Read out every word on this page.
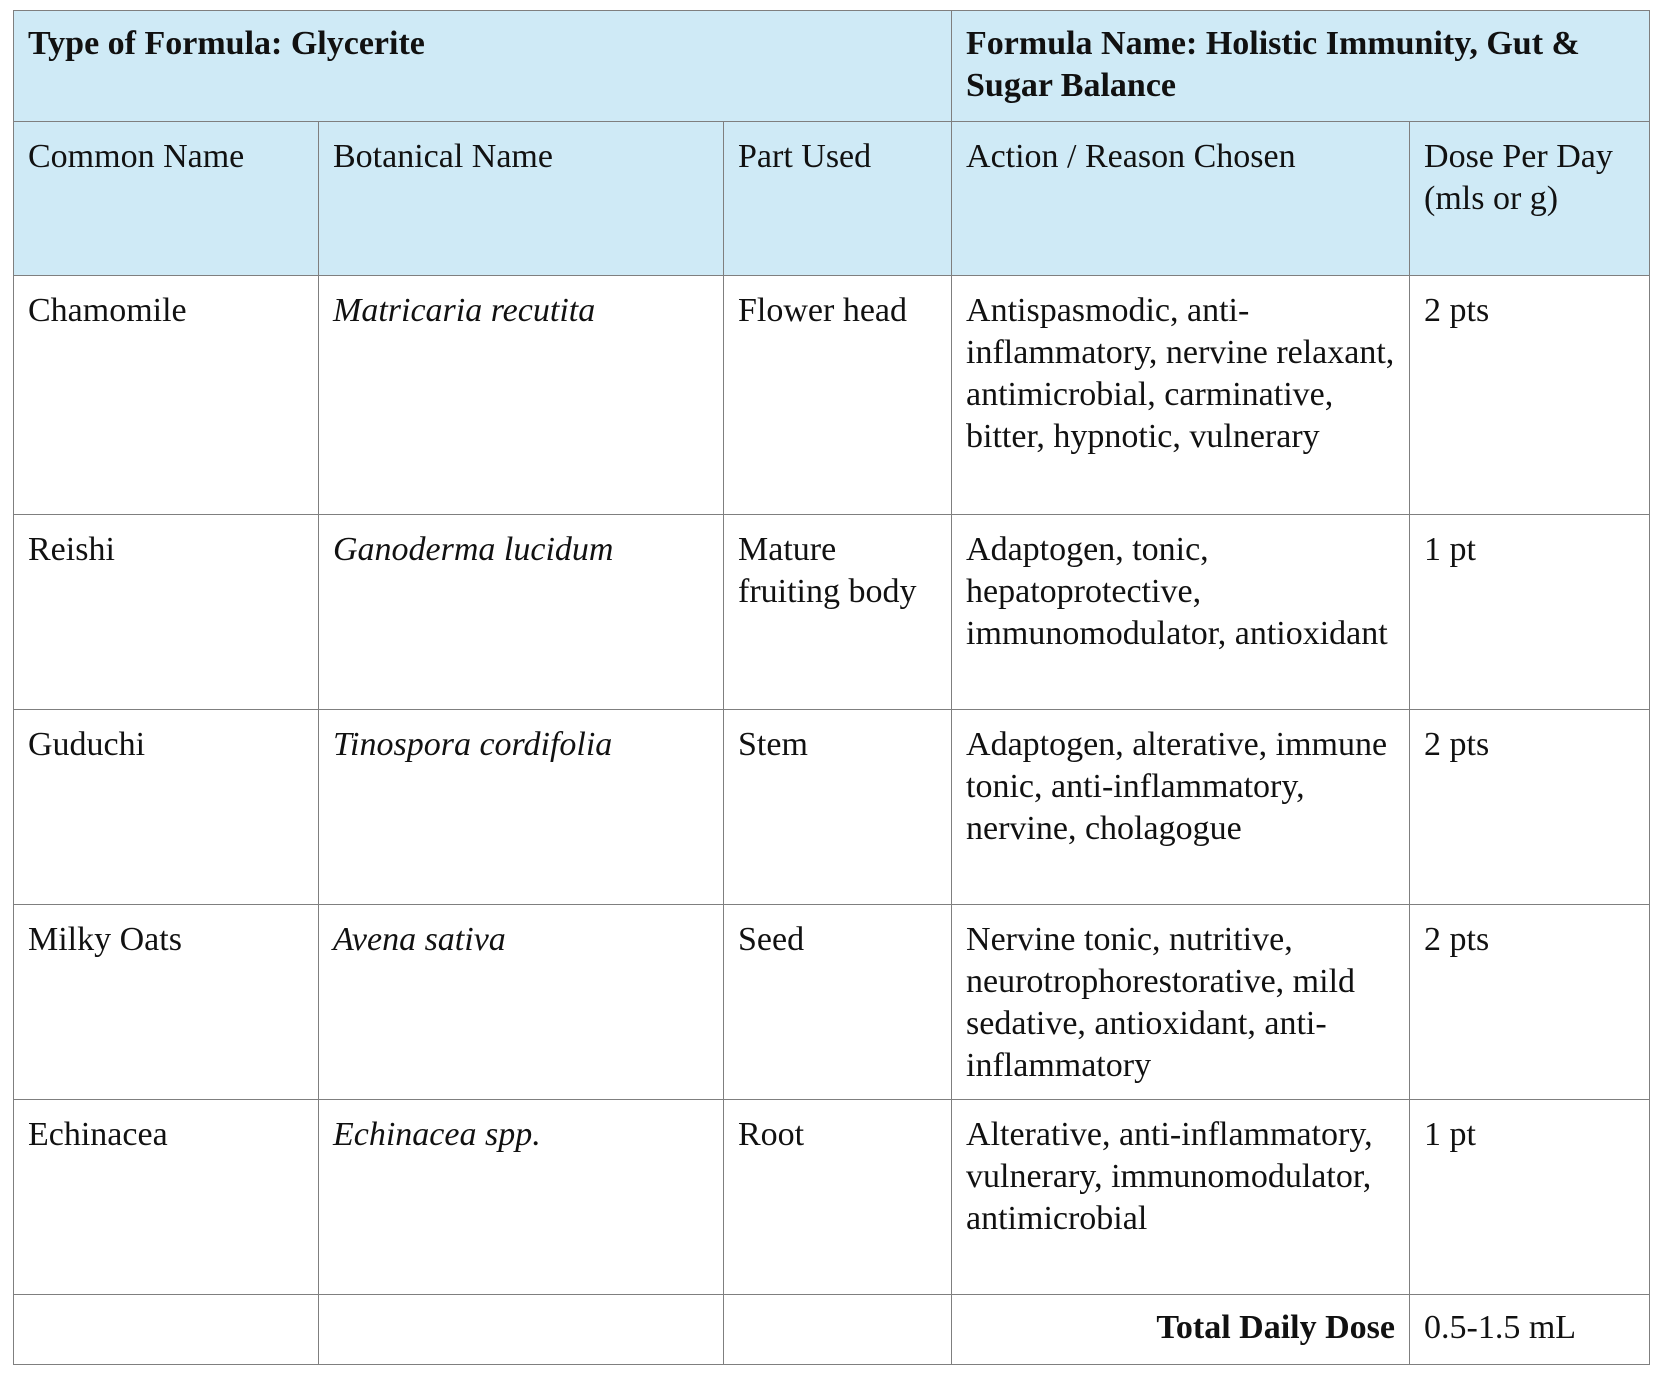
Type of Formula: Glycerite			Formula Name: Holistic Immunity, Gut & Sugar Balance	
Common Name	Botanical Name	Part Used	Action / Reason Chosen	Dose Per Day (mls or g)
Chamomile	Matricaria recutita	Flower head	Antispasmodic, anti-inflammatory, nervine relaxant, antimicrobial, carminative, bitter, hypnotic, vulnerary	2 pts
Reishi	Ganoderma lucidum	Mature fruiting body	Adaptogen, tonic, hepatoprotective, immunomodulator, antioxidant	1 pt
Guduchi	Tinospora cordifolia	Stem	Adaptogen, alterative, immune tonic, anti-inflammatory, nervine, cholagogue	2 pts
Milky Oats	Avena sativa	Seed	Nervine tonic, nutritive, neurotrophorestorative, mild sedative, antioxidant, anti-inflammatory	2 pts
Echinacea	Echinacea spp.	Root	Alterative, anti-inflammatory, vulnerary, immunomodulator, antimicrobial	1 pt
			Total Daily Dose	0.5-1.5 mL
